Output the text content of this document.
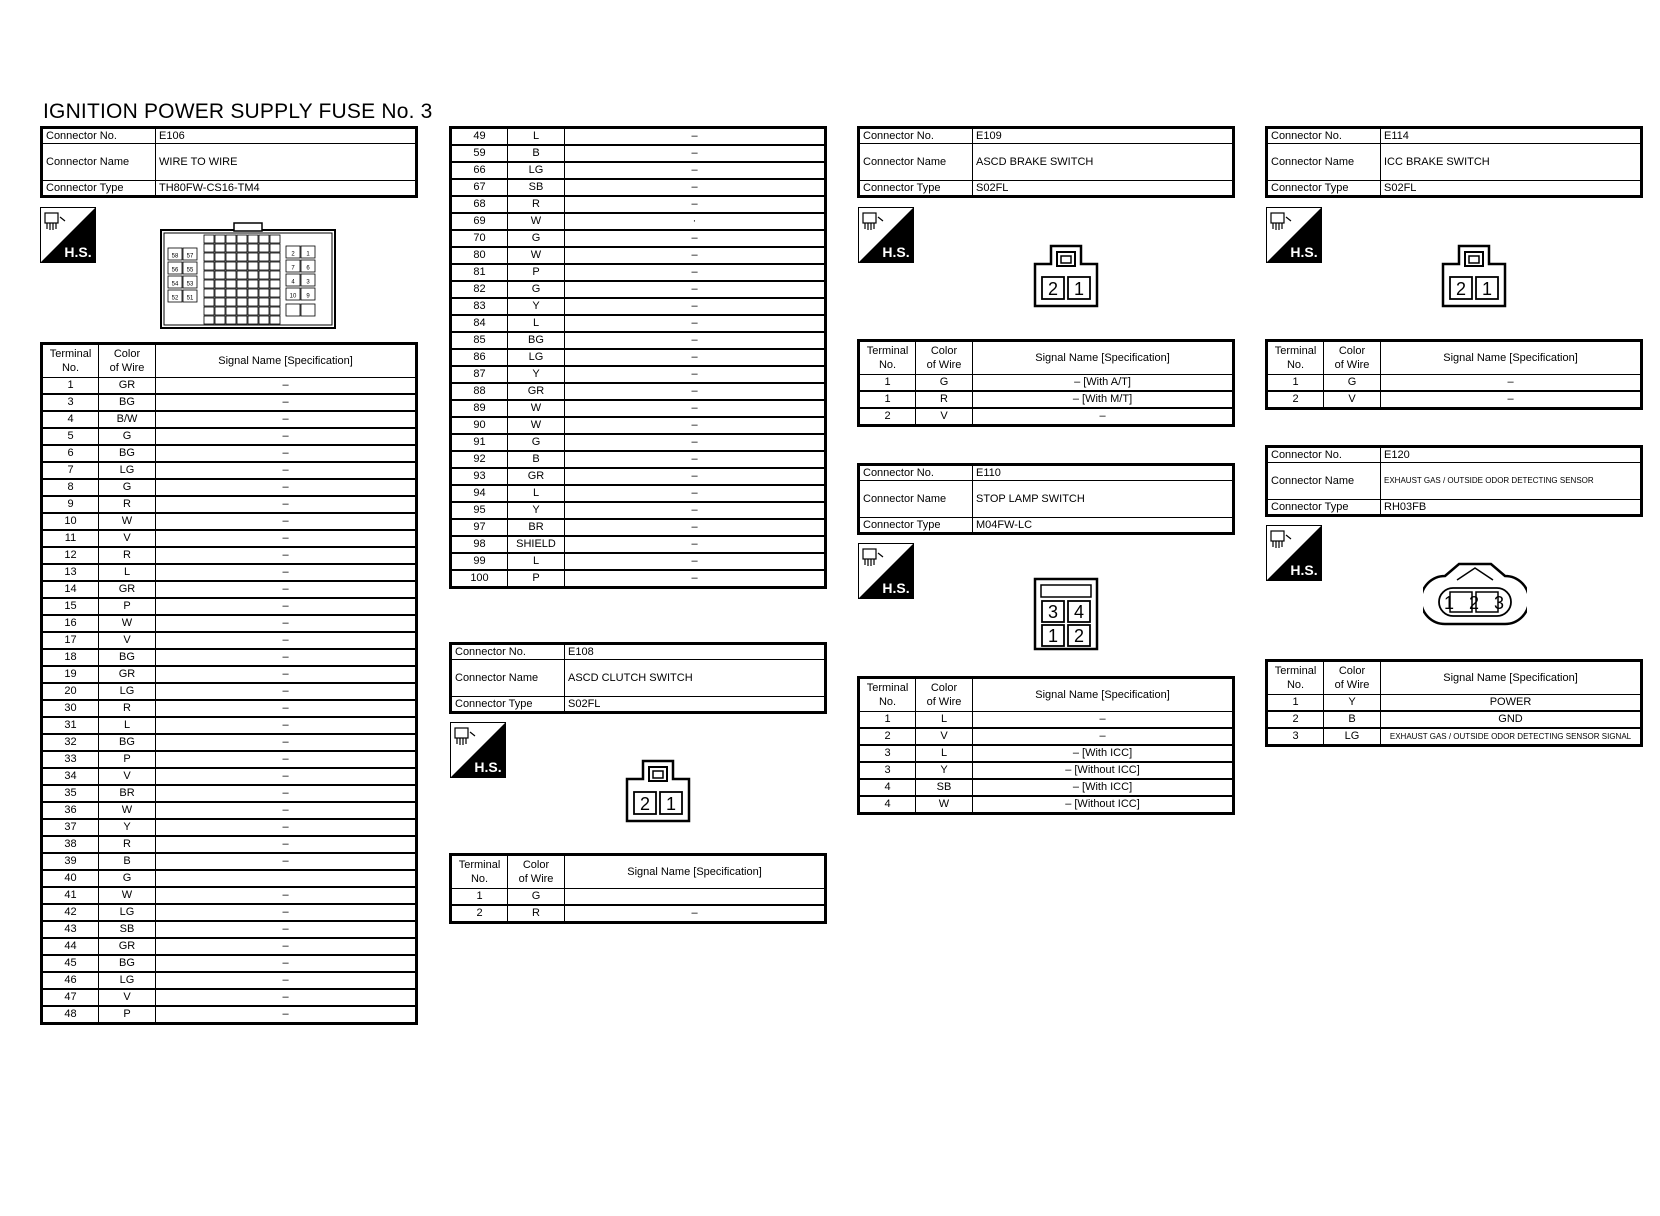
IGNITION POWER SUPPLY FUSE No. 3
Connector No.	E106
Connector Name	WIRE TO WIRE
Connector Type	TH80FW-CS16-TM4
H.S.	58 57
56 55
54 53
52 51
2 1
7 6
4 3
10 9
Terminal
No.	Color
of Wire	Signal Name [Specification]
1	GR	–
3	BG	–
4	B/W	–
5	G	–
6	BG	–
7	LG	–
8	G	–
9	R	–
10	W	–
11	V	–
12	R	–
13	L	–
14	GR	–
15	P	–
16	W	–
17	V	–
18	BG	–
19	GR	–
20	LG	–
30	R	–
31	L	–
32	BG	–
33	P	–
34	V	–
35	BR	–
36	W	–
37	Y	–
38	R	–
39	B	–
40	G	
41	W	–
42	LG	–
43	SB	–
44	GR	–
45	BG	–
46	LG	–
47	V	–
48	P	–
49	L	–
59	B	–
66	LG	–
67	SB	–
68	R	–
69	W	·
70	G	–
80	W	–
81	P	–
82	G	–
83	Y	–
84	L	–
85	BG	–
86	LG	–
87	Y	–
88	GR	–
89	W	–
90	W	–
91	G	–
92	B	–
93	GR	–
94	L	–
95	Y	–
97	BR	–
98	SHIELD	–
99	L	–
100	P	–
Connector No.	E108
Connector Name	ASCD CLUTCH SWITCH
Connector Type	S02FL
H.S.
2 1
Terminal
No.	Color
of Wire	Signal Name [Specification]
1	G	
2	R	–
Connector No.	E109
Connector Name	ASCD BRAKE SWITCH
Connector Type	S02FL
H.S.
2 1
Terminal
No.	Color
of Wire	Signal Name [Specification]
1	G	– [With A/T]
1	R	– [With M/T]
2	V	–
Connector No.	E110
Connector Name	STOP LAMP SWITCH
Connector Type	M04FW-LC
H.S.
3 4
1 2
Terminal
No.	Color
of Wire	Signal Name [Specification]
1	L	–
2	V	–
3	L	– [With ICC]
3	Y	– [Without ICC]
4	SB	– [With ICC]
4	W	– [Without ICC]
Connector No.	E114
Connector Name	ICC BRAKE SWITCH
Connector Type	S02FL
H.S.
2 1
Terminal
No.	Color
of Wire	Signal Name [Specification]
1	G	–
2	V	–
Connector No.	E120
Connector Name	EXHAUST GAS / OUTSIDE ODOR DETECTING SENSOR
Connector Type	RH03FB
H.S.
1 2 3
Terminal
No.	Color
of Wire	Signal Name [Specification]
1	Y	POWER
2	B	GND
3	LG	EXHAUST GAS / OUTSIDE ODOR DETECTING SENSOR SIGNAL
